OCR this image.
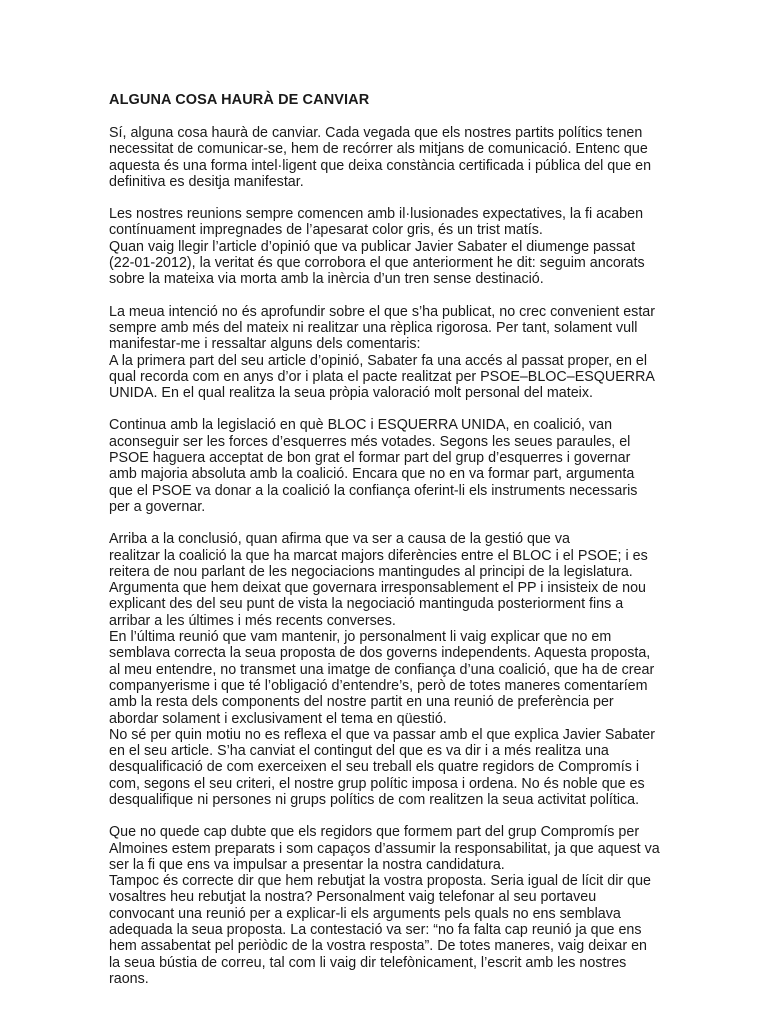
ALGUNA COSA HAURÀ DE CANVIAR
Sí, alguna cosa haurà de canviar. Cada vegada que els nostres partits polítics tenen
necessitat de comunicar-se, hem de recórrer als mitjans de comunicació. Entenc que
aquesta és una forma intel·ligent que deixa constància certificada i pública del que en
definitiva es desitja manifestar.
Les nostres reunions sempre comencen amb il·lusionades expectatives, la fi acaben
contínuament impregnades de l’apesarat color gris, és un trist matís.
Quan vaig llegir l’article d’opinió que va publicar Javier Sabater el diumenge passat
(22-01-2012), la veritat és que corrobora el que anteriorment he dit: seguim ancorats
sobre la mateixa via morta amb la inèrcia d’un tren sense destinació.
La meua intenció no és aprofundir sobre el que s’ha publicat, no crec convenient estar
sempre amb més del mateix ni realitzar una rèplica rigorosa. Per tant, solament vull
manifestar-me i ressaltar alguns dels comentaris:
A la primera part del seu article d’opinió, Sabater fa una accés al passat proper, en el
qual recorda com en anys d’or i plata el pacte realitzat per PSOE–BLOC–ESQUERRA
UNIDA. En el qual realitza la seua pròpia valoració molt personal del mateix.
Continua amb la legislació en què BLOC i ESQUERRA UNIDA, en coalició, van
aconseguir ser les forces d’esquerres més votades. Segons les seues paraules, el
PSOE haguera acceptat de bon grat el formar part del grup d’esquerres i governar
amb majoria absoluta amb la coalició. Encara que no en va formar part, argumenta
que el PSOE va donar a la coalició la confiança oferint-li els instruments necessaris
per a governar.
Arriba a la conclusió, quan afirma que va ser a causa de la gestió que va
realitzar la coalició la que ha marcat majors diferències entre el BLOC i el PSOE; i es
reitera de nou parlant de les negociacions mantingudes al principi de la legislatura.
Argumenta que hem deixat que governara irresponsablement el PP i insisteix de nou
explicant des del seu punt de vista la negociació mantinguda posteriorment fins a
arribar a les últimes i més recents converses.
En l’última reunió que vam mantenir, jo personalment li vaig explicar que no em
semblava correcta la seua proposta de dos governs independents. Aquesta proposta,
al meu entendre, no transmet una imatge de confiança d’una coalició, que ha de crear
companyerisme i que té l’obligació d’entendre’s, però de totes maneres comentaríem
amb la resta dels components del nostre partit en una reunió de preferència per
abordar solament i exclusivament el tema en qüestió.
No sé per quin motiu no es reflexa el que va passar amb el que explica Javier Sabater
en el seu article. S’ha canviat el contingut del que es va dir i a més realitza una
desqualificació de com exerceixen el seu treball els quatre regidors de Compromís i
com, segons el seu criteri, el nostre grup polític imposa i ordena. No és noble que es
desqualifique ni persones ni grups polítics de com realitzen la seua activitat política.
Que no quede cap dubte que els regidors que formem part del grup Compromís per
Almoines estem preparats i som capaços d’assumir la responsabilitat, ja que aquest va
ser la fi que ens va impulsar a presentar la nostra candidatura.
Tampoc és correcte dir que hem rebutjat la vostra proposta. Seria igual de lícit dir que
vosaltres heu rebutjat la nostra? Personalment vaig telefonar al seu portaveu
convocant una reunió per a explicar-li els arguments pels quals no ens semblava
adequada la seua proposta. La contestació va ser: “no fa falta cap reunió ja que ens
hem assabentat pel periòdic de la vostra resposta”. De totes maneres, vaig deixar en
la seua bústia de correu, tal com li vaig dir telefònicament, l’escrit amb les nostres
raons.
